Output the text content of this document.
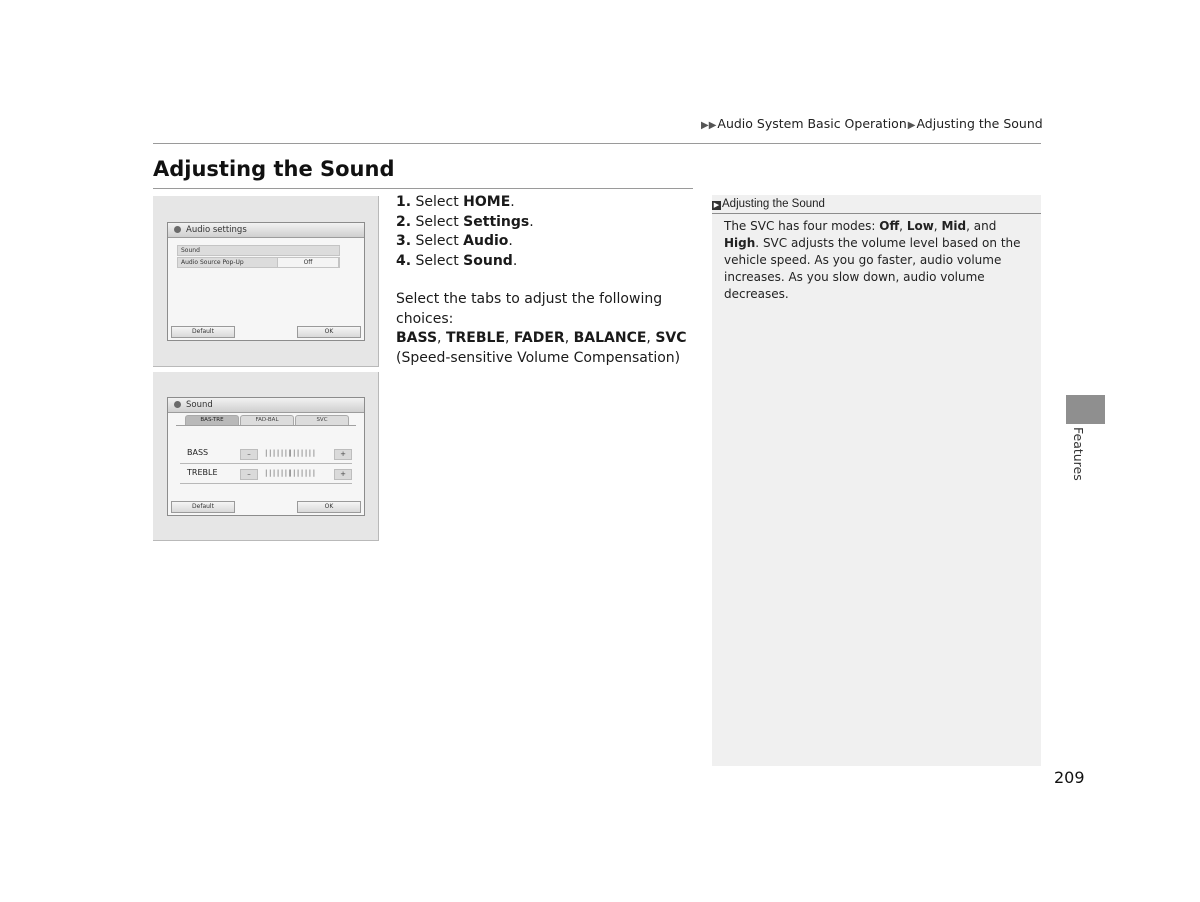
▶▶Audio System Basic Operation▶Adjusting the Sound
Adjusting the Sound
Audio settings
Sound
Audio Source Pop-Up	Off
Default	OK
Sound
BAS-TRE	FAD-BAL	SVC
BASS	–	|||||||||||||	+
TREBLE	–	|||||||||||||	+
Default	OK
1. Select HOME.
2. Select Settings.
3. Select Audio.
4. Select Sound.
Select the tabs to adjust the following choices:
BASS, TREBLE, FADER, BALANCE, SVC
(Speed-sensitive Volume Compensation)
▶ Adjusting the Sound
The SVC has four modes: Off, Low, Mid, and High. SVC adjusts the volume level based on the vehicle speed. As you go faster, audio volume increases. As you slow down, audio volume decreases.
Features
209
